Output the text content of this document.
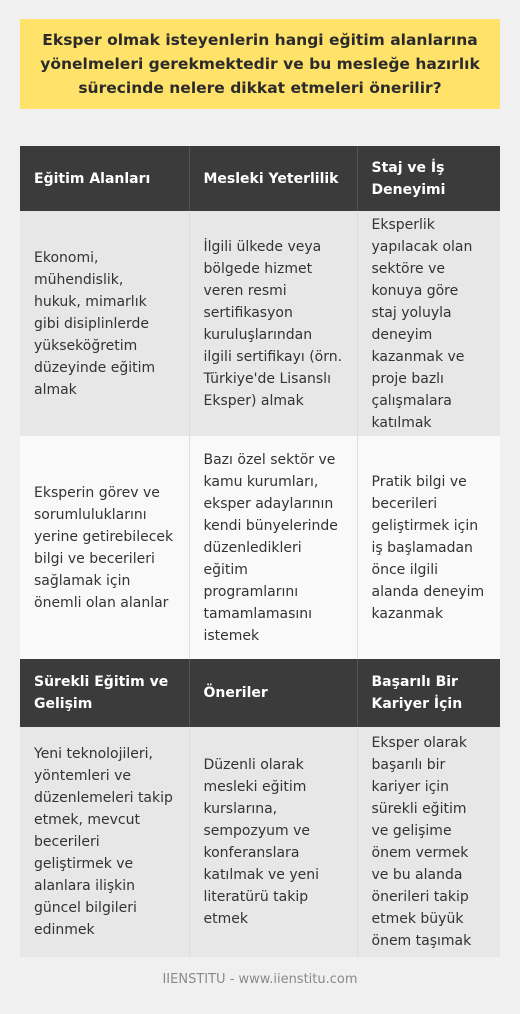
Eksper olmak isteyenlerin hangi eğitim alanlarına yönelmeleri gerekmektedir ve bu mesleğe hazırlık sürecinde nelere dikkat etmeleri önerilir?
Eğitim Alanları	Mesleki Yeterlilik	Staj ve İş Deneyimi
Ekonomi, mühendislik, hukuk, mimarlık gibi disiplinlerde yükseköğretim düzeyinde eğitim almak	İlgili ülkede veya bölgede hizmet veren resmi sertifikasyon kuruluşlarından ilgili sertifikayı (örn. Türkiye'de Lisanslı Eksper) almak	Eksperlik yapılacak olan sektöre ve konuya göre staj yoluyla deneyim kazanmak ve proje bazlı çalışmalara katılmak
Eksperin görev ve sorumluluklarını yerine getirebilecek bilgi ve becerileri sağlamak için önemli olan alanlar	Bazı özel sektör ve kamu kurumları, eksper adaylarının kendi bünyelerinde düzenledikleri eğitim programlarını tamamlamasını istemek	Pratik bilgi ve becerileri geliştirmek için iş başlamadan önce ilgili alanda deneyim kazanmak
Sürekli Eğitim ve Gelişim	Öneriler	Başarılı Bir Kariyer İçin
Yeni teknolojileri, yöntemleri ve düzenlemeleri takip etmek, mevcut becerileri geliştirmek ve alanlara ilişkin güncel bilgileri edinmek	Düzenli olarak mesleki eğitim kurslarına, sempozyum ve konferanslara katılmak ve yeni literatürü takip etmek	Eksper olarak başarılı bir kariyer için sürekli eğitim ve gelişime önem vermek ve bu alanda önerileri takip etmek büyük önem taşımak
IIENSTITU - www.iienstitu.com
